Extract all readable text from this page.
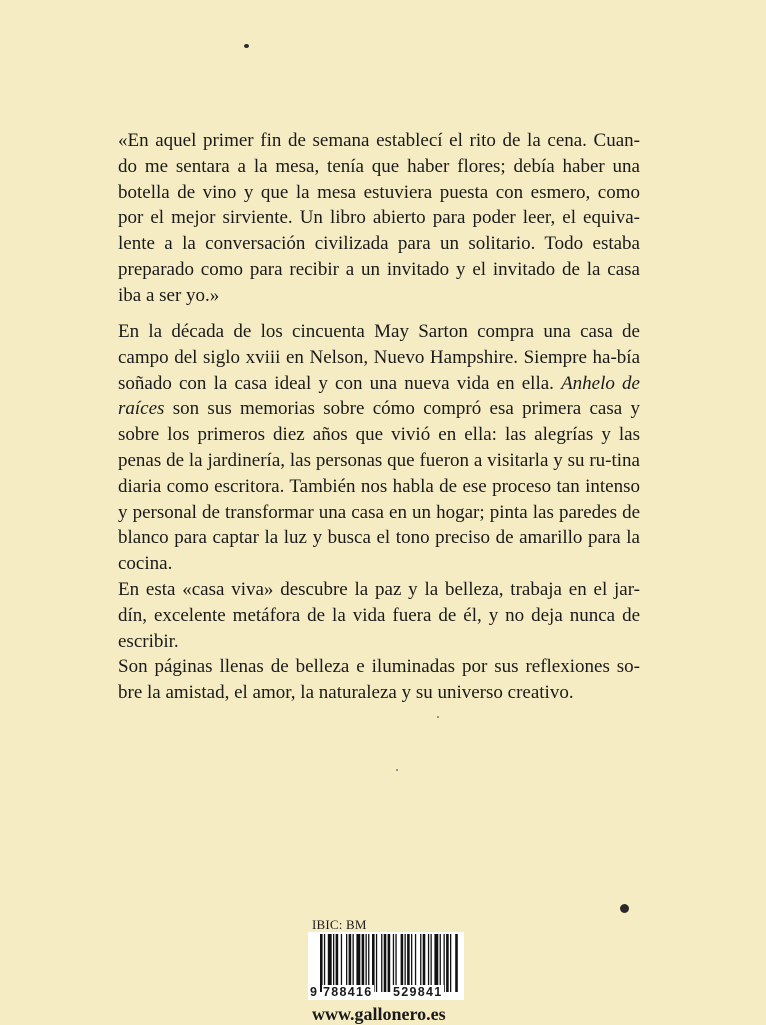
«En aquel primer fin de semana establecí el rito de la cena. Cuan-

do me sentara a la mesa, tenía que haber flores; debía haber una

botella de vino y que la mesa estuviera puesta con esmero, como

por el mejor sirviente. Un libro abierto para poder leer, el equiva-

lente a la conversación civilizada para un solitario. Todo estaba

preparado como para recibir a un invitado y el invitado de la casa

iba a ser yo.»

En la década de los cincuenta May Sarton compra una casa de campo del siglo xviii en Nelson, Nuevo Hampshire. Siempre ha-bía soñado con la casa ideal y con una nueva vida en ella. Anhelo de raíces son sus memorias sobre cómo compró esa primera casa y sobre los primeros diez años que vivió en ella: las alegrías y las penas de la jardinería, las personas que fueron a visitarla y su ru-tina diaria como escritora. También nos habla de ese proceso tan intenso y personal de transformar una casa en un hogar; pinta las paredes de blanco para captar la luz y busca el tono preciso de amarillo para la cocina.

En esta «casa viva» descubre la paz y la belleza, trabaja en el jar-dín, excelente metáfora de la vida fuera de él, y no deja nunca de escribir.

Son páginas llenas de belleza e iluminadas por sus reflexiones so-bre la amistad, el amor, la naturaleza y su universo creativo.

IBIC: BM
9 788416 529841
www.gallonero.es
